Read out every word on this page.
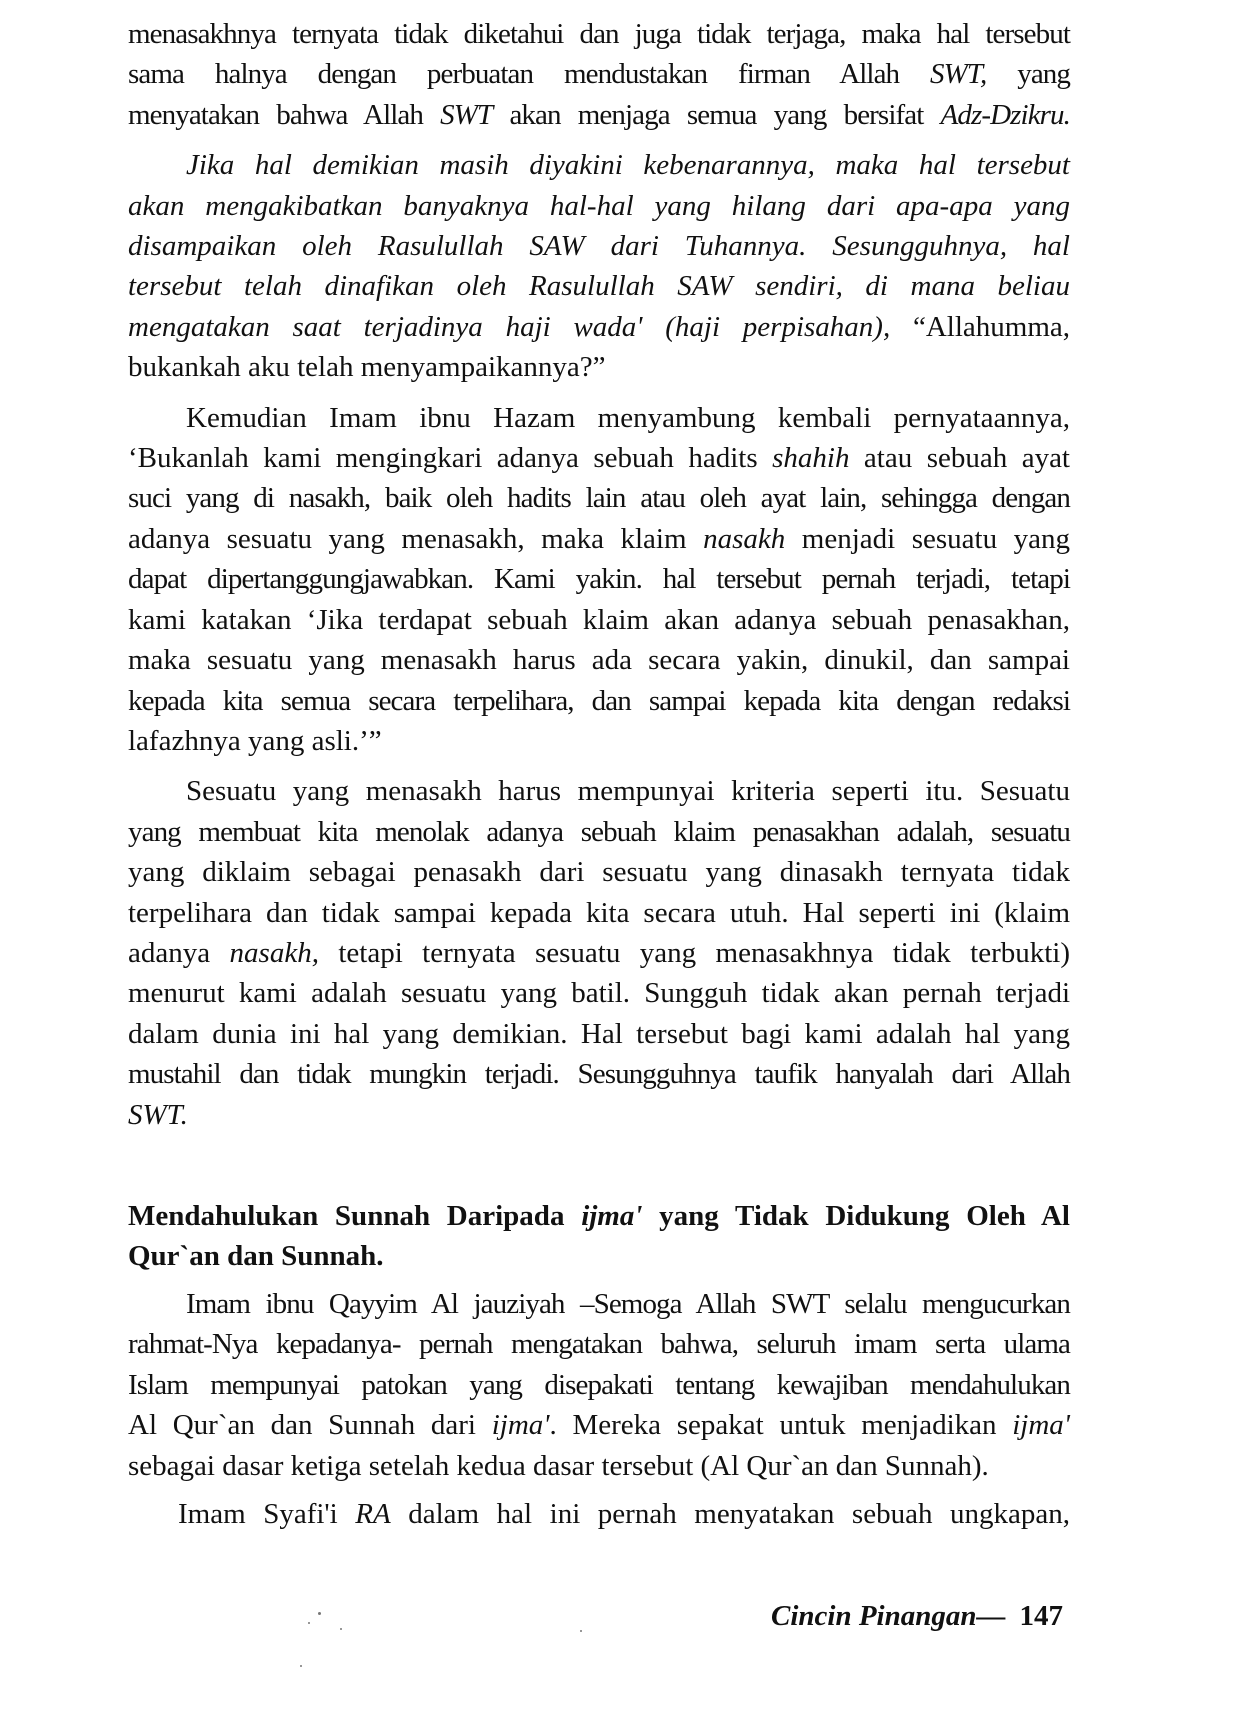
menasakhnya ternyata tidak diketahui dan juga tidak terjaga, maka hal tersebut
sama halnya dengan perbuatan mendustakan firman Allah SWT, yang
menyatakan bahwa Allah SWT akan menjaga semua yang bersifat Adz-Dzikru.

Jika hal demikian masih diyakini kebenarannya, maka hal tersebut
akan mengakibatkan banyaknya hal-hal yang hilang dari apa-apa yang
disampaikan oleh Rasulullah SAW dari Tuhannya. Sesungguhnya, hal
tersebut telah dinafikan oleh Rasulullah SAW sendiri, di mana beliau
mengatakan saat terjadinya haji wada' (haji perpisahan), “Allahumma,
bukankah aku telah menyampaikannya?”

Kemudian Imam ibnu Hazam menyambung kembali pernyataannya,
‘Bukanlah kami mengingkari adanya sebuah hadits shahih atau sebuah ayat
suci yang di nasakh, baik oleh hadits lain atau oleh ayat lain, sehingga dengan
adanya sesuatu yang menasakh, maka klaim nasakh menjadi sesuatu yang
dapat dipertanggungjawabkan. Kami yakin. hal tersebut pernah terjadi, tetapi
kami katakan ‘Jika terdapat sebuah klaim akan adanya sebuah penasakhan,
maka sesuatu yang menasakh harus ada secara yakin, dinukil, dan sampai
kepada kita semua secara terpelihara, dan sampai kepada kita dengan redaksi
lafazhnya yang asli.’”

Sesuatu yang menasakh harus mempunyai kriteria seperti itu. Sesuatu
yang membuat kita menolak adanya sebuah klaim penasakhan adalah, sesuatu
yang diklaim sebagai penasakh dari sesuatu yang dinasakh ternyata tidak
terpelihara dan tidak sampai kepada kita secara utuh. Hal seperti ini (klaim
adanya nasakh, tetapi ternyata sesuatu yang menasakhnya tidak terbukti)
menurut kami adalah sesuatu yang batil. Sungguh tidak akan pernah terjadi
dalam dunia ini hal yang demikian. Hal tersebut bagi kami adalah hal yang
mustahil dan tidak mungkin terjadi. Sesungguhnya taufik hanyalah dari Allah
SWT.

Mendahulukan Sunnah Daripada ijma' yang Tidak Didukung Oleh Al
Qur`an dan Sunnah.

Imam ibnu Qayyim Al jauziyah –Semoga Allah SWT selalu mengucurkan
rahmat-Nya kepadanya- pernah mengatakan bahwa, seluruh imam serta ulama
Islam mempunyai patokan yang disepakati tentang kewajiban mendahulukan
Al Qur`an dan Sunnah dari ijma'. Mereka sepakat untuk menjadikan ijma'
sebagai dasar ketiga setelah kedua dasar tersebut (Al Qur`an dan Sunnah).

Imam Syafi'i RA dalam hal ini pernah menyatakan sebuah ungkapan,

Cincin Pinangan— 147
